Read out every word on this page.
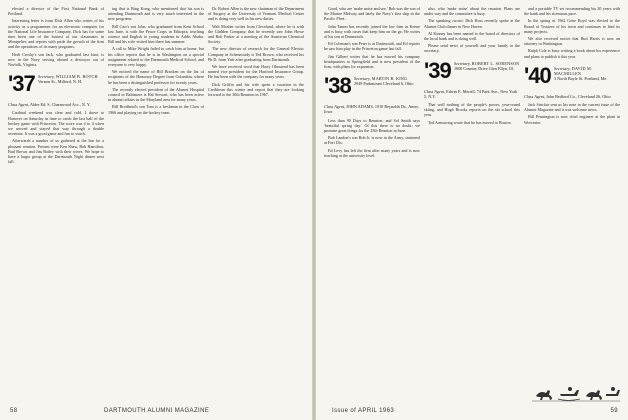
elected a director of the First National Bank of Portland.

Interesting letter is from Dick Allen who writes of his activity as a programmer for an electronic computer for the National Life Insurance Company. Dick has for some time been one of the busiest of our classmates in Montpelier, and reports with pride the growth of the firm and the operations of its many programs.

Herb Crosby's son Jack, who graduated last June, is now in the Navy serving aboard a destroyer out of Norfolk, Virginia.

'37 Secretary, WILLIAM B. ROTCH
Vernon St., Milford, N. H.
Class Agent, Alder Ed. S. Charnwood Acc., N. Y.

Cardinal weekend was clear and cold. I drove to Hanover on Saturday in time to catch the last half of the hockey game with Princeton. The score was 4 to 4 when we arrived and stayed that way through a double overtime. It was a good game and fun to watch.

Afterwards a number of us gathered at the Inn for a pleasant reunion. Present were Ken Shaw, Bob Hamilton, Bud Brown and Jim Bailey with their wives. We hope to have a larger group at the Dartmouth Night dinner next fall.

ing that is Bing Kong, who mentioned that his son is attending Dartmouth and is very much interested in the new programs.

Bill Carr's son John, who graduated from Kent School last June, is with the Peace Corps in Ethiopia, teaching science and English to young students in Addis Ababa. Bill and his wife visited him there last summer.

A call to Mike Wright failed to catch him at home, but his office reports that he is in Washington on a special assignment related to the Dartmouth Medical School, and everyone is very happy.

We noticed the name of Bill Bracken on the list of recipients of the Honorary Degree from Columbia, where he has been a distinguished professor for twenty years.

The recently elected president of the Alumni Hospital council in Baltimore is Hal Stewart, who has been active in alumni affairs in the Maryland area for many years.

Bill Brodhead's son Tom is a freshman in the Class of 1966 and playing on the hockey team.

Dr. Robert Allen is the new chairman of the Department of Surgery at the University of Vermont Medical Center and is doing very well in his new duties.

Walt Mosher writes from Cleveland, where he is with the Glidden Company, that he recently saw John Howe and Bob Parker at a meeting of the American Chemical Society.

The new director of research for the General Electric Company in Schenectady is Ted Brown, who received his Ph.D. from Yale after graduating from Dartmouth.

We have received word that Harry Olmstead has been named vice president for the Hartford Insurance Group. He has been with the company for many years.

Dick Griffin and his wife spent a vacation in the Caribbean this winter and report that they are looking forward to the 30th Reunion in 1967.

58	DARTMOUTH ALUMNI MAGAZINE

Good, who are 'make noise and see.' Bob was the son of the Marine Midway and lately the Navy's first ship in the Pacific Fleet.

John Tamm has recently joined the law firm in Keene and is busy with cases that keep him on the go. He writes of his son at Dartmouth.

Ed Coleman's son Peter is at Dartmouth, and Ed reports he saw him play in the Princeton game last fall.

Jim Gilbert writes that he has moved his company headquarters to Springfield and is now president of the firm, with plans for expansion.

'38 Secretary, MARTIN B. KING
2949 Parkmount Cleveland 6, Ohio
Class Agent, JOHN ADAMS, 1910 Reynolds Dr., Ames, Iowa

Less than 90 Days to Reunion, and Sol Smith says 'beautiful spring day.' Of this there is no doubt; we promise great things for the 25th Reunion in June.

Bob Landon's son Bob Jr. is now in the Army, stationed at Fort Dix.

Ed Levy has left the firm after many years and is now teaching at the university level.

also, who 'make noise' about the reunion. Plans are under way and the committee is busy.

The speaking circuit: Dick Ross recently spoke at the Alumni Club dinner in New Haven.

Al Kinney has been named to the board of directors of the local bank and is doing well.

Please send news of yourself and your family to the secretary.

'39 Secretary, ROBERT L. SORENSON
1000 Country Drive Glen Ellyn, Ill.
Class Agent, Edwin E. Merrill, 74 Park Ave., New York 5, N.Y.

That well nothing of the people's power, year-round skiing, and Hugh Brooks reports on the ski school this year.

Ted Armstrong wrote that he has moved to Boston.

and a portable TV set recommending his 20 years with the bank and his strenuous pace.

In the spring of 1962 Gene Boyd was elected to the Board of Trustees of his town and continues to lead its many projects.

We also received notice that Bud Harris is now an attorney in Washington.

Ralph Cole is busy writing a book about his experience and plans to publish it this year.

'40 Secretary, DAVID M. MACMILLEN
3 North Bayle St. Portland, Me.
Class Agent, John Bedford Co., Cleveland 26, Ohio

Jack Sinclair sent us his note in the current issue of the Alumni Magazine and it was welcome news.

Bill Pennington is now chief engineer at the plant in Worcester.

Issue of APRIL 1963	59
